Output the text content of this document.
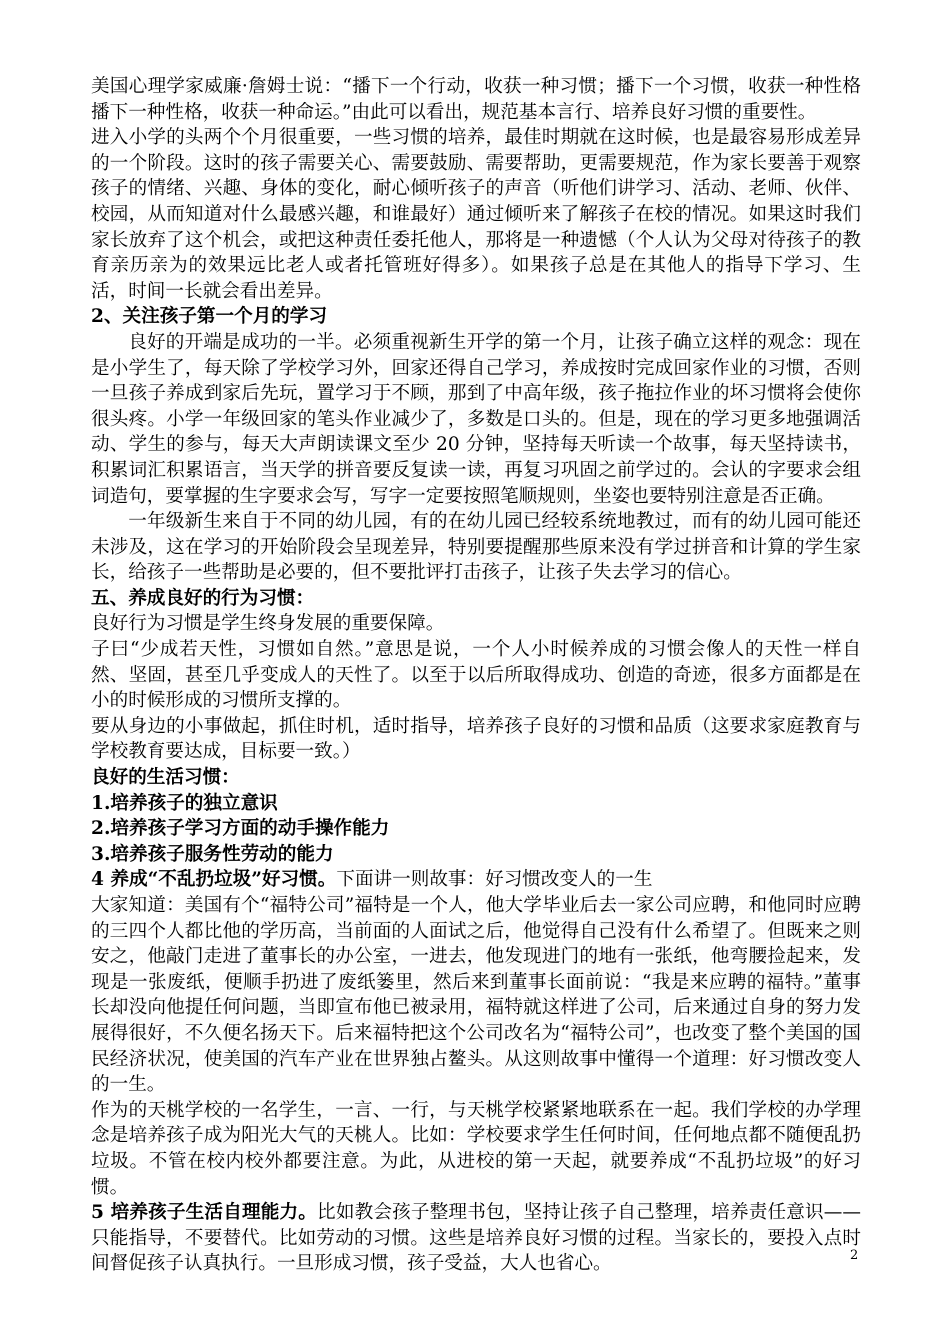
美国心理学家威廉·詹姆士说：“播下一个行动，收获一种习惯；播下一个习惯，收获一种性格播下一种性格，收获一种命运。”由此可以看出，规范基本言行、培养良好习惯的重要性。

进入小学的头两个个月很重要，一些习惯的培养，最佳时期就在这时候，也是最容易形成差异的一个阶段。这时的孩子需要关心、需要鼓励、需要帮助，更需要规范，作为家长要善于观察孩子的情绪、兴趣、身体的变化，耐心倾听孩子的声音（听他们讲学习、活动、老师、伙伴、校园，从而知道对什么最感兴趣，和谁最好）通过倾听来了解孩子在校的情况。如果这时我们家长放弃了这个机会，或把这种责任委托他人，那将是一种遗憾（个人认为父母对待孩子的教育亲历亲为的效果远比老人或者托管班好得多）。如果孩子总是在其他人的指导下学习、生活，时间一长就会看出差异。

2、关注孩子第一个月的学习

良好的开端是成功的一半。必须重视新生开学的第一个月，让孩子确立这样的观念：现在是小学生了，每天除了学校学习外，回家还得自己学习，养成按时完成回家作业的习惯，否则一旦孩子养成到家后先玩，置学习于不顾，那到了中高年级，孩子拖拉作业的坏习惯将会使你很头疼。小学一年级回家的笔头作业减少了，多数是口头的。但是，现在的学习更多地强调活动、学生的参与，每天大声朗读课文至少 20 分钟，坚持每天听读一个故事，每天坚持读书，积累词汇积累语言，当天学的拼音要反复读一读，再复习巩固之前学过的。会认的字要求会组词造句，要掌握的生字要求会写，写字一定要按照笔顺规则，坐姿也要特别注意是否正确。

一年级新生来自于不同的幼儿园，有的在幼儿园已经较系统地教过，而有的幼儿园可能还未涉及，这在学习的开始阶段会呈现差异，特别要提醒那些原来没有学过拼音和计算的学生家长，给孩子一些帮助是必要的，但不要批评打击孩子，让孩子失去学习的信心。

五、养成良好的行为习惯：

良好行为习惯是学生终身发展的重要保障。

子曰“少成若天性，习惯如自然。”意思是说，一个人小时候养成的习惯会像人的天性一样自然、坚固，甚至几乎变成人的天性了。以至于以后所取得成功、创造的奇迹，很多方面都是在小的时候形成的习惯所支撑的。

要从身边的小事做起，抓住时机，适时指导，培养孩子良好的习惯和品质（这要求家庭教育与学校教育要达成，目标要一致。）

良好的生活习惯：

1.培养孩子的独立意识

2.培养孩子学习方面的动手操作能力

3.培养孩子服务性劳动的能力

4 养成“不乱扔垃圾”好习惯。下面讲一则故事：好习惯改变人的一生

大家知道：美国有个“福特公司”福特是一个人，他大学毕业后去一家公司应聘，和他同时应聘的三四个人都比他的学历高，当前面的人面试之后，他觉得自己没有什么希望了。但既来之则安之，他敲门走进了董事长的办公室，一进去，他发现进门的地有一张纸，他弯腰捡起来，发现是一张废纸，便顺手扔进了废纸篓里，然后来到董事长面前说：“我是来应聘的福特。”董事长却没向他提任何问题，当即宣布他已被录用，福特就这样进了公司，后来通过自身的努力发展得很好，不久便名扬天下。后来福特把这个公司改名为“福特公司”，也改变了整个美国的国民经济状况，使美国的汽车产业在世界独占鳌头。从这则故事中懂得一个道理：好习惯改变人的一生。

作为的天桃学校的一名学生，一言、一行，与天桃学校紧紧地联系在一起。我们学校的办学理念是培养孩子成为阳光大气的天桃人。比如：学校要求学生任何时间，任何地点都不随便乱扔垃圾。不管在校内校外都要注意。为此，从进校的第一天起，就要养成“不乱扔垃圾”的好习惯。

5 培养孩子生活自理能力。比如教会孩子整理书包，坚持让孩子自己整理，培养责任意识——只能指导，不要替代。比如劳动的习惯。这些是培养良好习惯的过程。当家长的，要投入点时间督促孩子认真执行。一旦形成习惯，孩子受益，大人也省心。	2
